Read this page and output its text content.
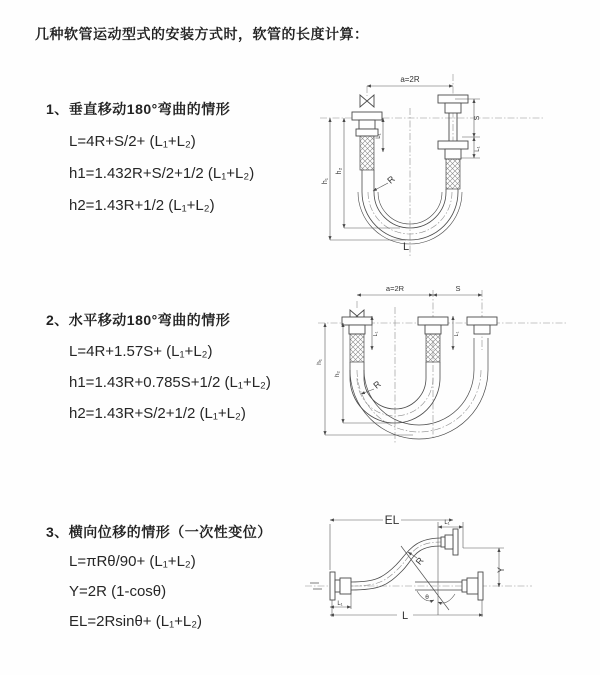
几种软管运动型式的安装方式时，软管的长度计算：
1、垂直移动180°弯曲的情形
L=4R+S/2+ (L₁+L₂)
h1=1.432R+S/2+1/2 (L₁+L₂)
h2=1.43R+1/2 (L₁+L₂)
2、水平移动180°弯曲的情形
L=4R+1.57S+ (L₁+L₂)
h1=1.43R+0.785S+1/2 (L₁+L₂)
h2=1.43R+S/2+1/2 (L₁+L₂)
3、横向位移的情形（一次性变位）
L=πRθ/90+ (L₁+L₂)
Y=2R (1-cosθ)
EL=2Rsinθ+ (L₁+L₂)
a=2R
h₁
h₂
L₁
S
L₁
R
L
a=2R	S
h₁
h₂
L₁	L₁
R
EL	L₁
L₁
Y
R
L
θ
